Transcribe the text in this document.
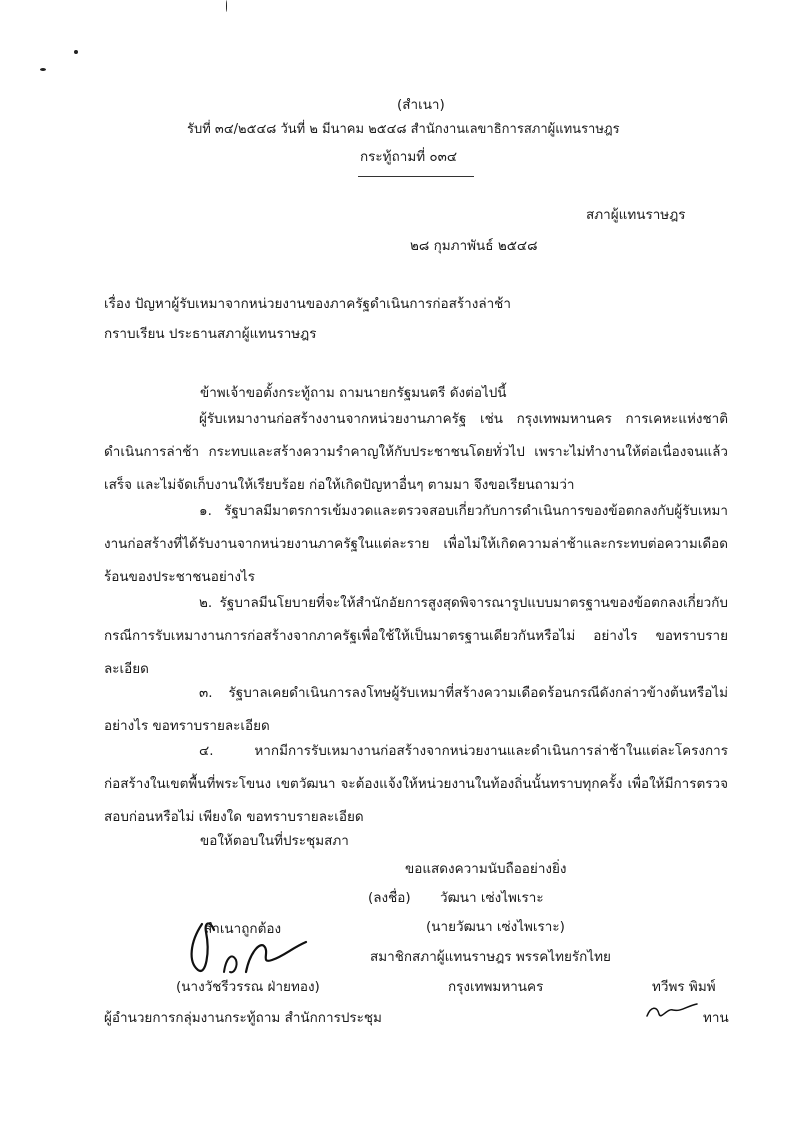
(สำเนา)
รับที่ ๓๔/๒๕๔๘ วันที่ ๒ มีนาคม ๒๕๔๘ สำนักงานเลขาธิการสภาผู้แทนราษฎร
กระทู้ถามที่ ๐๓๔
สภาผู้แทนราษฎร
๒๘ กุมภาพันธ์ ๒๕๔๘
เรื่อง ปัญหาผู้รับเหมาจากหน่วยงานของภาครัฐดำเนินการก่อสร้างล่าช้า
กราบเรียน ประธานสภาผู้แทนราษฎร
ข้าพเจ้าขอตั้งกระทู้ถาม ถามนายกรัฐมนตรี ดังต่อไปนี้
ผู้รับเหมางานก่อสร้างงานจากหน่วยงานภาครัฐ เช่น กรุงเทพมหานคร การเคหะแห่งชาติ ดำเนินการล่าช้า กระทบและสร้างความรำคาญให้กับประชาชนโดยทั่วไป เพราะไม่ทำงานให้ต่อเนื่องจนแล้วเสร็จ และไม่จัดเก็บงานให้เรียบร้อย ก่อให้เกิดปัญหาอื่นๆ ตามมา จึงขอเรียนถามว่า
๑. รัฐบาลมีมาตรการเข้มงวดและตรวจสอบเกี่ยวกับการดำเนินการของข้อตกลงกับผู้รับเหมางานก่อสร้างที่ได้รับงานจากหน่วยงานภาครัฐในแต่ละราย เพื่อไม่ให้เกิดความล่าช้าและกระทบต่อความเดือดร้อนของประชาชนอย่างไร
๒. รัฐบาลมีนโยบายที่จะให้สำนักอัยการสูงสุดพิจารณารูปแบบมาตรฐานของข้อตกลงเกี่ยวกับกรณีการรับเหมางานการก่อสร้างจากภาครัฐเพื่อใช้ให้เป็นมาตรฐานเดียวกันหรือไม่ อย่างไร ขอทราบรายละเอียด
๓. รัฐบาลเคยดำเนินการลงโทษผู้รับเหมาที่สร้างความเดือดร้อนกรณีดังกล่าวข้างต้นหรือไม่ อย่างไร ขอทราบรายละเอียด
๔. หากมีการรับเหมางานก่อสร้างจากหน่วยงานและดำเนินการล่าช้าในแต่ละโครงการก่อสร้างในเขตพื้นที่พระโขนง เขตวัฒนา จะต้องแจ้งให้หน่วยงานในท้องถิ่นนั้นทราบทุกครั้ง เพื่อให้มีการตรวจสอบก่อนหรือไม่ เพียงใด ขอทราบรายละเอียด
ขอให้ตอบในที่ประชุมสภา
ขอแสดงความนับถืออย่างยิ่ง
(ลงชื่อ) วัฒนา เซ่งไพเราะ
(นายวัฒนา เซ่งไพเราะ)
สมาชิกสภาผู้แทนราษฎร พรรคไทยรักไทย
กรุงเทพมหานคร
สำเนาถูกต้อง
(นางวัชรีวรรณ ฝ่ายทอง)
ผู้อำนวยการกลุ่มงานกระทู้ถาม สำนักการประชุม
ทวีพร พิมพ์
ทาน
